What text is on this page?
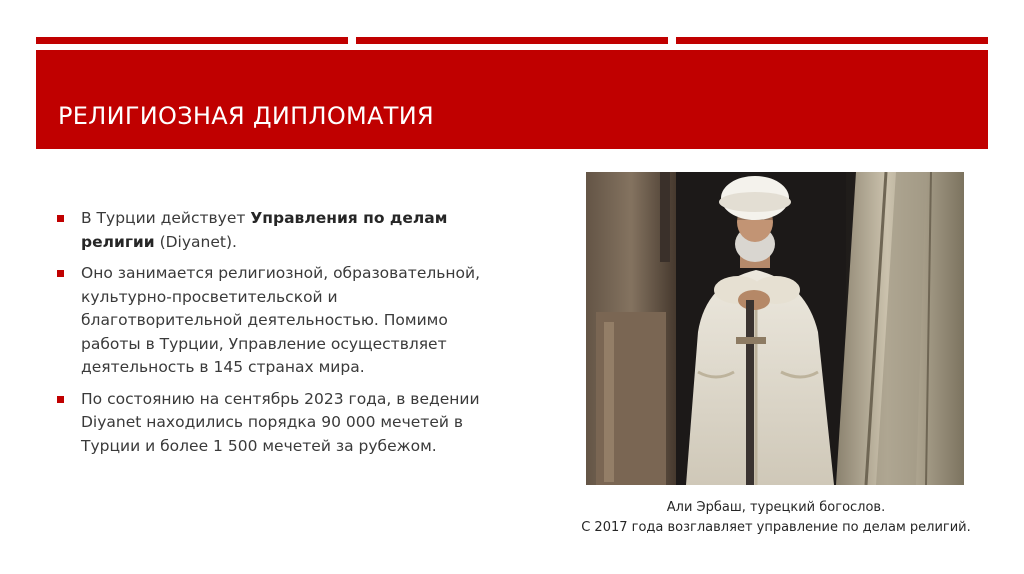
РЕЛИГИОЗНАЯ ДИПЛОМАТИЯ
В Турции действует Управления по делам религии (Diyanet).
Оно занимается религиозной, образовательной, культурно-просветительской и благотворительной деятельностью. Помимо работы в Турции, Управление осуществляет деятельность в 145 странах мира.
По состоянию на сентябрь 2023 года, в ведении Diyanet находились порядка 90 000 мечетей в Турции и более 1 500 мечетей за рубежом.
Али Эрбаш, турецкий богослов.
С 2017 года возглавляет управление по делам религий.
